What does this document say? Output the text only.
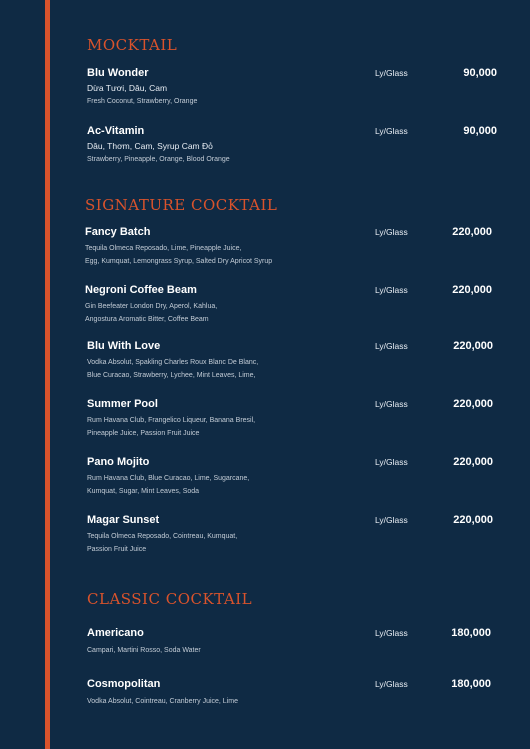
MOCKTAIL
Blu Wonder
Dừa Tươi, Dâu, Cam
Fresh Coconut, Strawberry, Orange
Ly/Glass	90,000
Ac-Vitamin
Dâu, Thơm, Cam, Syrup Cam Đỏ
Strawberry, Pineapple, Orange, Blood Orange
Ly/Glass	90,000
SIGNATURE COCKTAIL
Fancy Batch
Tequila Olmeca Reposado, Lime, Pineapple Juice,
Egg, Kumquat, Lemongrass Syrup, Salted Dry Apricot Syrup
Ly/Glass	220,000
Negroni Coffee Beam
Gin Beefeater London Dry, Aperol, Kahlua,
Angostura Aromatic Bitter, Coffee Beam
Ly/Glass	220,000
Blu With Love
Vodka Absolut, Spakling Charles Roux Blanc De Blanc,
Blue Curacao, Strawberry, Lychee, Mint Leaves, Lime,
Ly/Glass	220,000
Summer Pool
Rum Havana Club, Frangelico Liqueur, Banana Bresil,
Pineapple Juice, Passion Fruit Juice
Ly/Glass	220,000
Pano Mojito
Rum Havana Club, Blue Curacao, Lime, Sugarcane,
Kumquat, Sugar, Mint Leaves, Soda
Ly/Glass	220,000
Magar Sunset
Tequila Olmeca Reposado, Cointreau, Kumquat,
Passion Fruit Juice
Ly/Glass	220,000
CLASSIC COCKTAIL
Americano
Campari, Martini Rosso, Soda Water
Ly/Glass	180,000
Cosmopolitan
Vodka Absolut, Cointreau, Cranberry Juice, Lime
Ly/Glass	180,000
